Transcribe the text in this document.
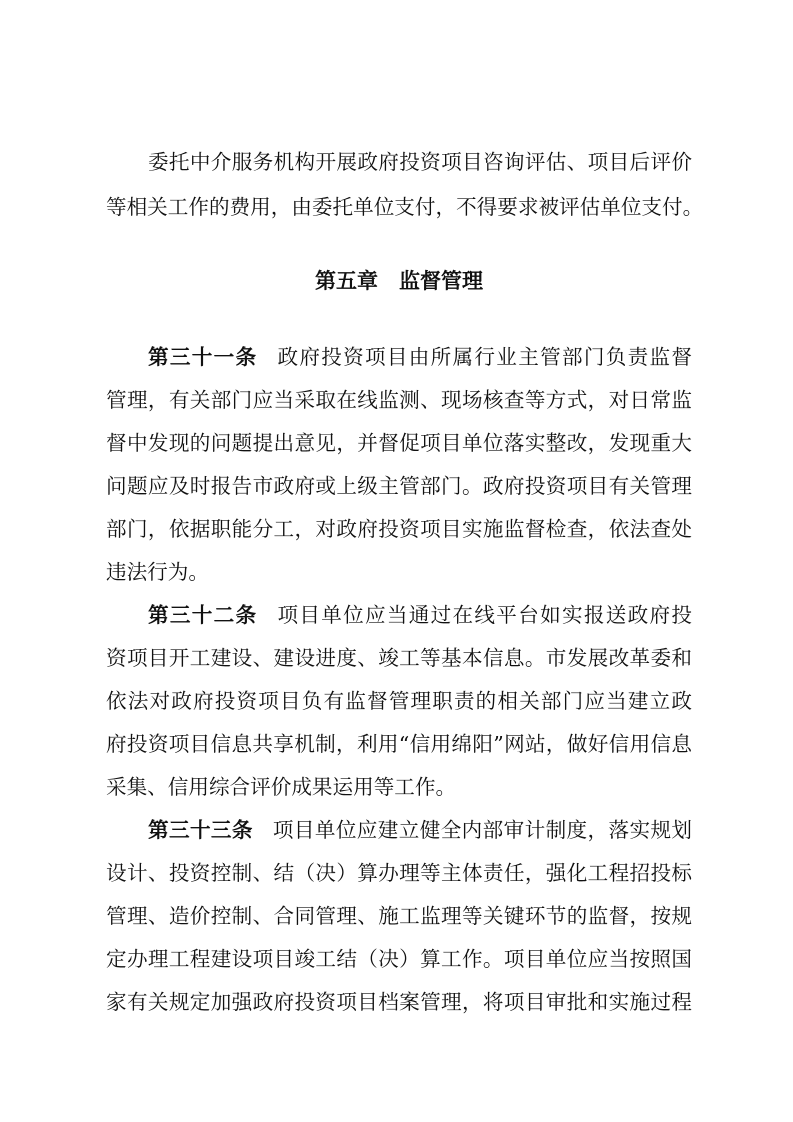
委托中介服务机构开展政府投资项目咨询评估、项目后评价
等相关工作的费用，由委托单位支付，不得要求被评估单位支付。
第五章　监督管理
第三十一条 政府投资项目由所属行业主管部门负责监督
管理，有关部门应当采取在线监测、现场核查等方式，对日常监
督中发现的问题提出意见，并督促项目单位落实整改，发现重大
问题应及时报告市政府或上级主管部门。政府投资项目有关管理
部门，依据职能分工，对政府投资项目实施监督检查，依法查处
违法行为。
第三十二条 项目单位应当通过在线平台如实报送政府投
资项目开工建设、建设进度、竣工等基本信息。市发展改革委和
依法对政府投资项目负有监督管理职责的相关部门应当建立政
府投资项目信息共享机制，利用“信用绵阳”网站，做好信用信息
采集、信用综合评价成果运用等工作。
第三十三条 项目单位应建立健全内部审计制度，落实规划
设计、投资控制、结（决）算办理等主体责任，强化工程招投标
管理、造价控制、合同管理、施工监理等关键环节的监督，按规
定办理工程建设项目竣工结（决）算工作。项目单位应当按照国
家有关规定加强政府投资项目档案管理，将项目审批和实施过程
